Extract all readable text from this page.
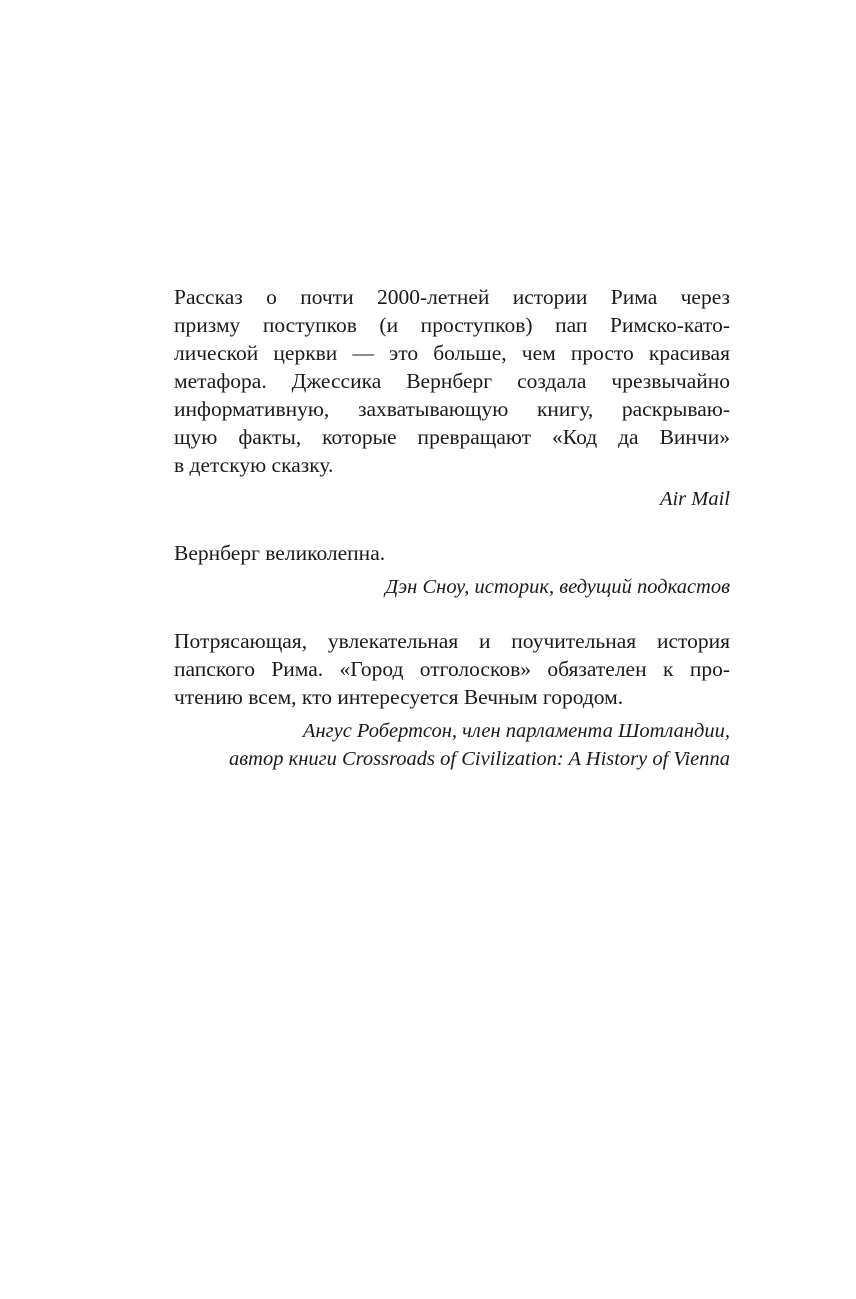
Рассказ о почти 2000-летней истории Рима через
призму поступков (и проступков) пап Римско-като-
лической церкви — это больше, чем просто красивая
метафора. Джессика Вернберг создала чрезвычайно
информативную, захватывающую книгу, раскрываю-
щую факты, которые превращают «Код да Винчи»
в детскую сказку.

Air Mail

Вернберг великолепна.

Дэн Сноу, историк, ведущий подкастов

Потрясающая, увлекательная и поучительная история
папского Рима. «Город отголосков» обязателен к про-
чтению всем, кто интересуется Вечным городом.

Ангус Робертсон, член парламента Шотландии,
автор книги Crossroads of Civilization: A History of Vienna
